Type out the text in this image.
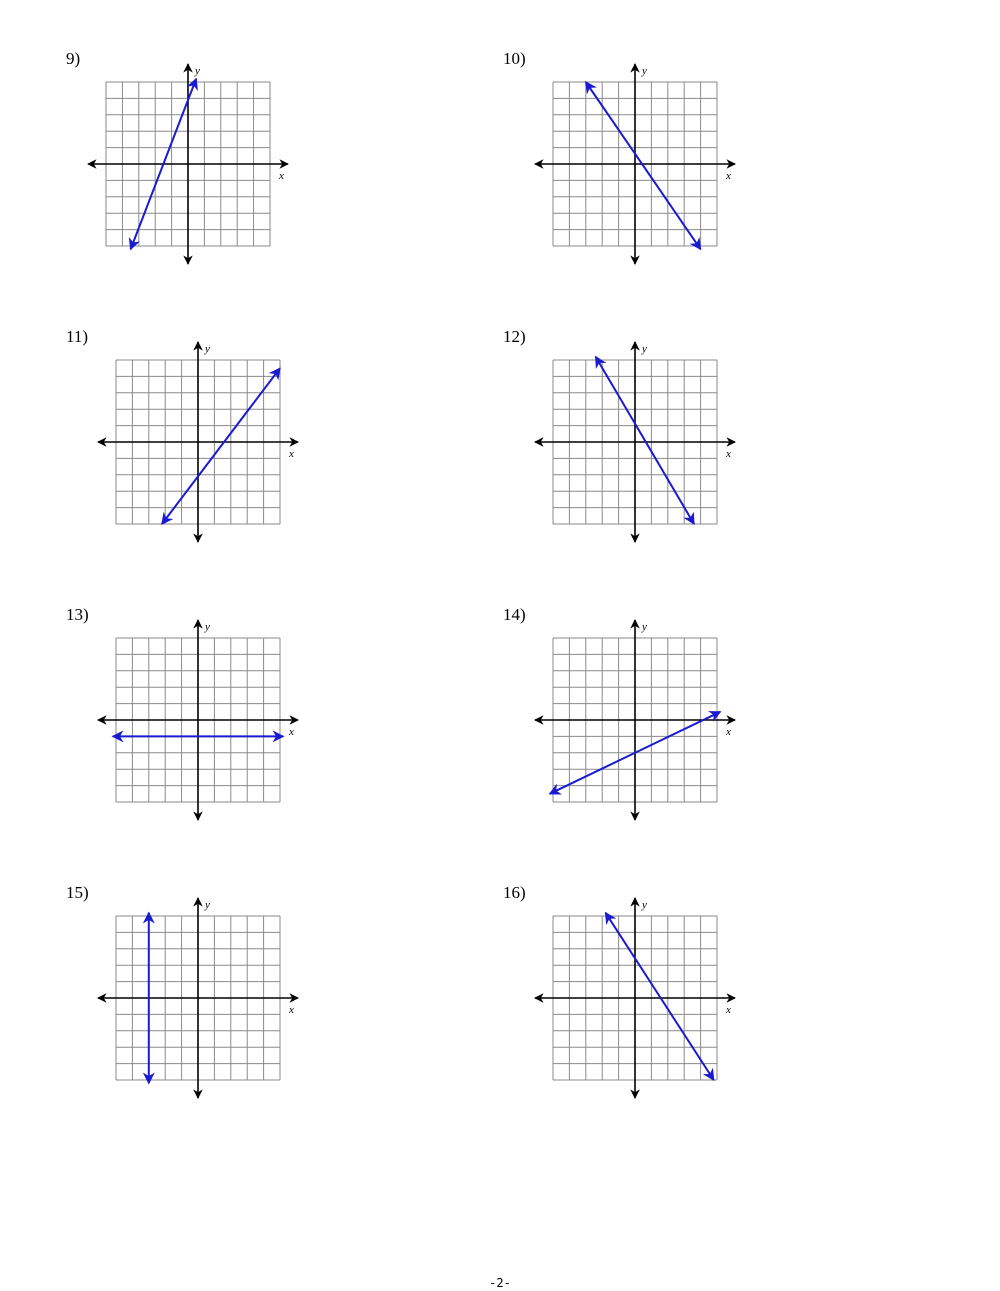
9)
x
y
10)
x
y
11)
x
y
12)
x
y
13)
x
y
14)
x
y
15)
x
y
16)
x
y
-2-
